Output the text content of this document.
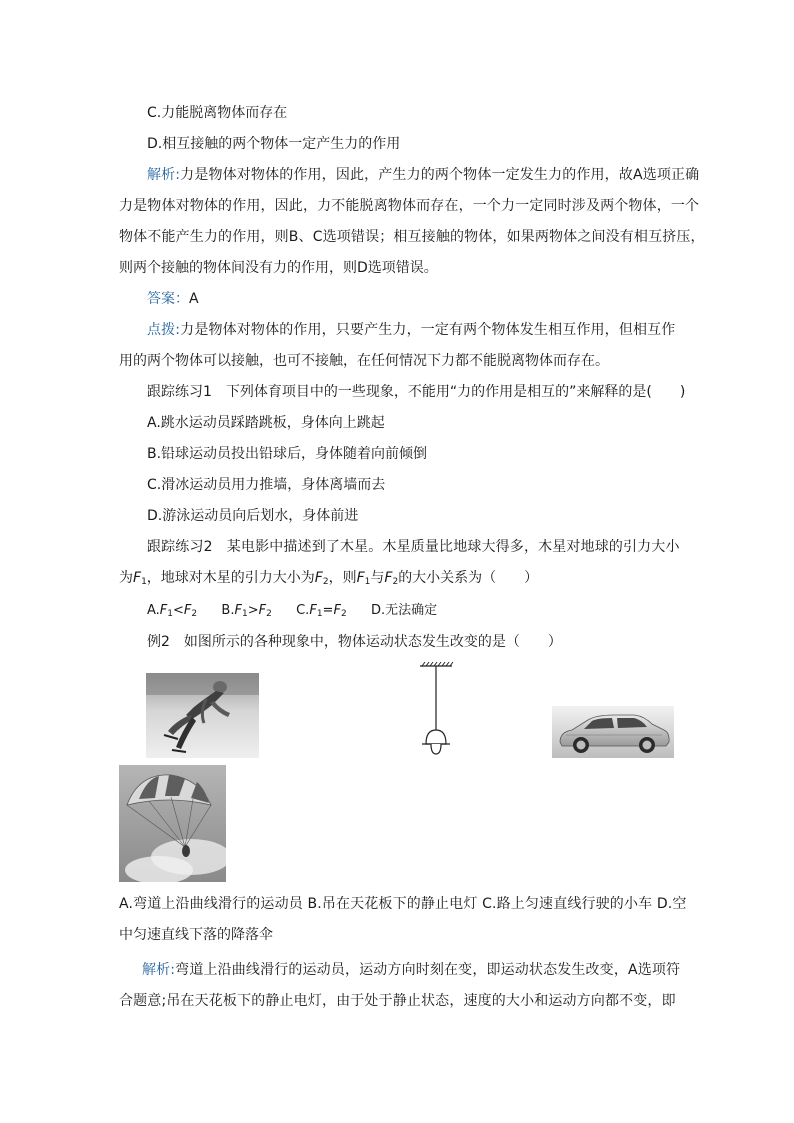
C.力能脱离物体而存在
D.相互接触的两个物体一定产生力的作用
解析:力是物体对物体的作用，因此，产生力的两个物体一定发生力的作用，故A选项正确
力是物体对物体的作用，因此，力不能脱离物体而存在，一个力一定同时涉及两个物体，一个
物体不能产生力的作用，则B、C选项错误；相互接触的物体，如果两物体之间没有相互挤压，
则两个接触的物体间没有力的作用，则D选项错误。
答案：A
点拨:力是物体对物体的作用，只要产生力，一定有两个物体发生相互作用，但相互作
用的两个物体可以接触，也可不接触，在任何情况下力都不能脱离物体而存在。
跟踪练习1　下列体育项目中的一些现象，不能用“力的作用是相互的”来解释的是(　　)
A.跳水运动员踩踏跳板，身体向上跳起
B.铅球运动员投出铅球后，身体随着向前倾倒
C.滑冰运动员用力推墙，身体离墙而去
D.游泳运动员向后划水，身体前进
跟踪练习2　某电影中描述到了木星。木星质量比地球大得多，木星对地球的引力大小
为$F_1$，地球对木星的引力大小为$F_2$，则$F_1$与$F_2$的大小关系为（　　）
$A.F_1<F_2$ $B.F_1>F_2$ $C.F_1=F_2$ D.无法确定
例2　如图所示的各种现象中，物体运动状态发生改变的是（　　）
A.弯道上沿曲线滑行的运动员 B.吊在天花板下的静止电灯 C.路上匀速直线行驶的小车 D.空
中匀速直线下落的降落伞
解析:弯道上沿曲线滑行的运动员，运动方向时刻在变，即运动状态发生改变，A选项符
合题意;吊在天花板下的静止电灯，由于处于静止状态，速度的大小和运动方向都不变，即
